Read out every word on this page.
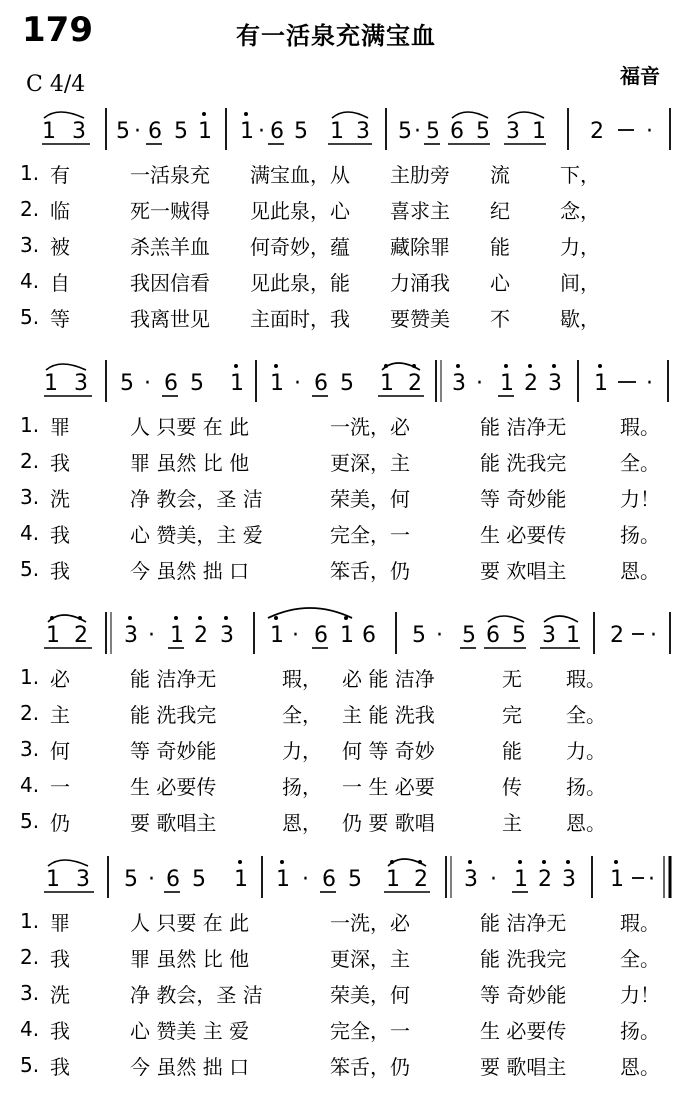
179	有一活泉充满宝血
福音
C 4/4
1 3 5 · 6 5 1 1 · 6 5 1 3 5 · 5 6 5 3 1 2 ·
1. 有	一活泉充	满宝血，从	主肋旁	流	下，
2. 临	死一贼得	见此泉，心	喜求主	纪	念，
3. 被	杀羔羊血	何奇妙，蕴	藏除罪	能	力，
4. 自	我因信看	见此泉，能	力涌我	心	间，
5. 等	我离世见	主面时，我	要赞美	不	歇，
1 3 5 · 6 5 1 1 · 6 5 1 2 3 · 1 2 3 1 ·
1. 罪	人 只要 在 此	一洗，必	能 洁净无	瑕。
2. 我	罪 虽然 比 他	更深，主	能 洗我完	全。
3. 洗	净 教会，圣 洁	荣美，何	等 奇妙能	力！
4. 我	心 赞美，主 爱	完全，一	生 必要传	扬。
5. 我	今 虽然 拙 口	笨舌，仍	要 欢唱主	恩。
1 2 3 · 1 2 3 1 · 6 1 6 5 · 5 6 5 3 1 2 ·
1. 必	能 洁净无	瑕，	必 能 洁净	无	瑕。
2. 主	能 洗我完	全，	主 能 洗我	完	全。
3. 何	等 奇妙能	力，	何 等 奇妙	能	力。
4. 一	生 必要传	扬，	一 生 必要	传	扬。
5. 仍	要 歌唱主	恩，	仍 要 歌唱	主	恩。
1 3 5 · 6 5 1 1 · 6 5 1 2 3 · 1 2 3 1 ·
1. 罪	人 只要 在 此	一洗，必	能 洁净无	瑕。
2. 我	罪 虽然 比 他	更深，主	能 洗我完	全。
3. 洗	净 教会，圣 洁	荣美，何	等 奇妙能	力！
4. 我	心 赞美 主 爱	完全，一	生 必要传	扬。
5. 我	今 虽然 拙 口	笨舌，仍	要 歌唱主	恩。
